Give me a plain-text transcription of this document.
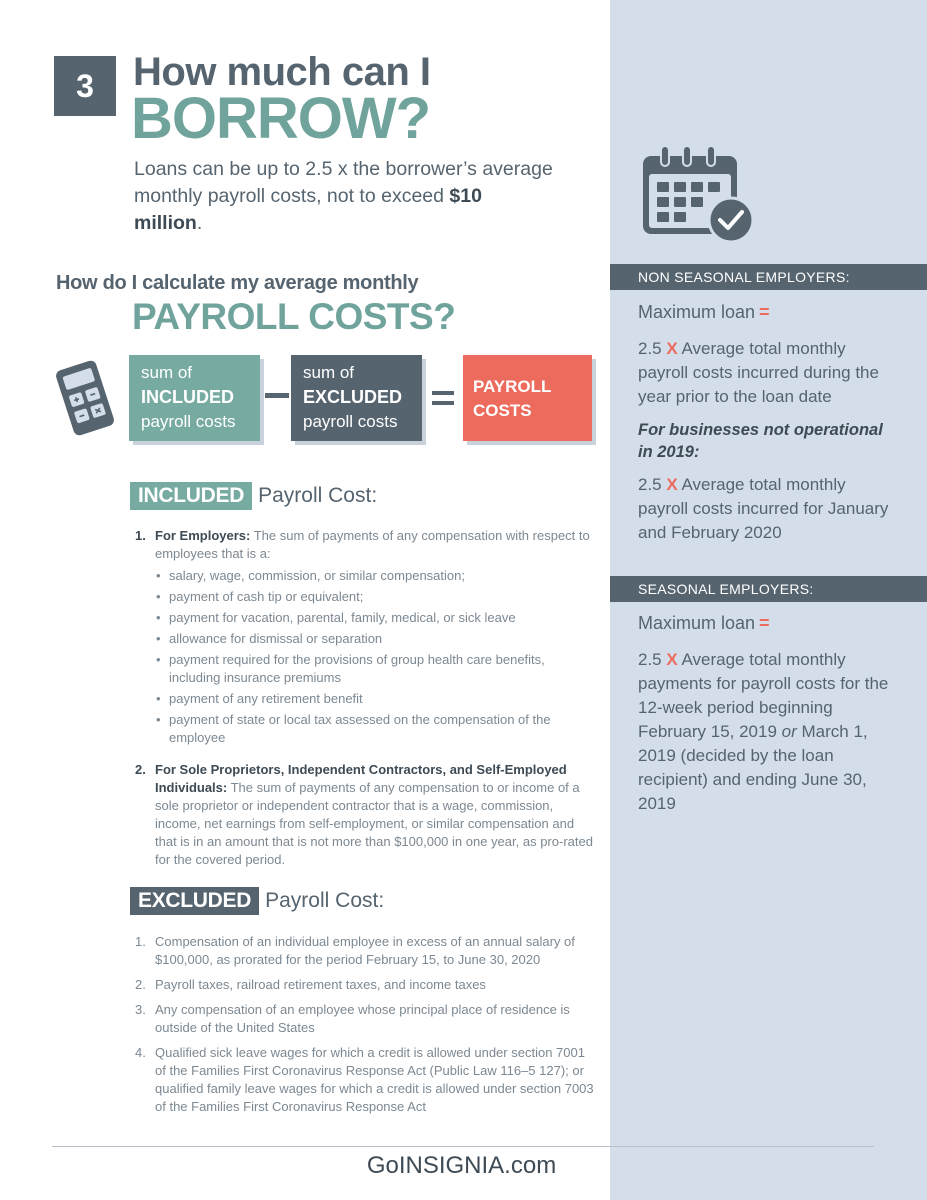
3 How much can I
BORROW?

Loans can be up to 2.5 x the borrower’s average monthly payroll costs, not to exceed $10 million.

How do I calculate my average monthly
PAYROLL COSTS?
sum of
INCLUDED
payroll costs
sum of
EXCLUDED
payroll costs
PAYROLL
COSTS
INCLUDED Payroll Cost:
1. For Employers: The sum of payments of any compensation with respect to employees that is a:
• salary, wage, commission, or similar compensation;
• payment of cash tip or equivalent;
• payment for vacation, parental, family, medical, or sick leave
• allowance for dismissal or separation
• payment required for the provisions of group health care benefits, including insurance premiums
• payment of any retirement benefit
• payment of state or local tax assessed on the compensation of the employee
2. For Sole Proprietors, Independent Contractors, and Self-Employed Individuals: The sum of payments of any compensation to or income of a sole proprietor or independent contractor that is a wage, commission, income, net earnings from self-employment, or similar compensation and that is in an amount that is not more than $100,000 in one year, as pro-rated for the covered period.
EXCLUDED Payroll Cost:
1. Compensation of an individual employee in excess of an annual salary of $100,000, as prorated for the period February 15, to June 30, 2020
2. Payroll taxes, railroad retirement taxes, and income taxes
3. Any compensation of an employee whose principal place of residence is outside of the United States
4. Qualified sick leave wages for which a credit is allowed under section 7001 of the Families First Coronavirus Response Act (Public Law 116–5 127); or qualified family leave wages for which a credit is allowed under section 7003 of the Families First Coronavirus Response Act
GoINSIGNIA.com
NON SEASONAL EMPLOYERS:
Maximum loan =

2.5 X Average total monthly payroll costs incurred during the year prior to the loan date

For businesses not operational in 2019:

2.5 X Average total monthly payroll costs incurred for January and February 2020

SEASONAL EMPLOYERS:
Maximum loan =

2.5 X Average total monthly payments for payroll costs for the 12-week period beginning February 15, 2019 or March 1, 2019 (decided by the loan recipient) and ending June 30, 2019
